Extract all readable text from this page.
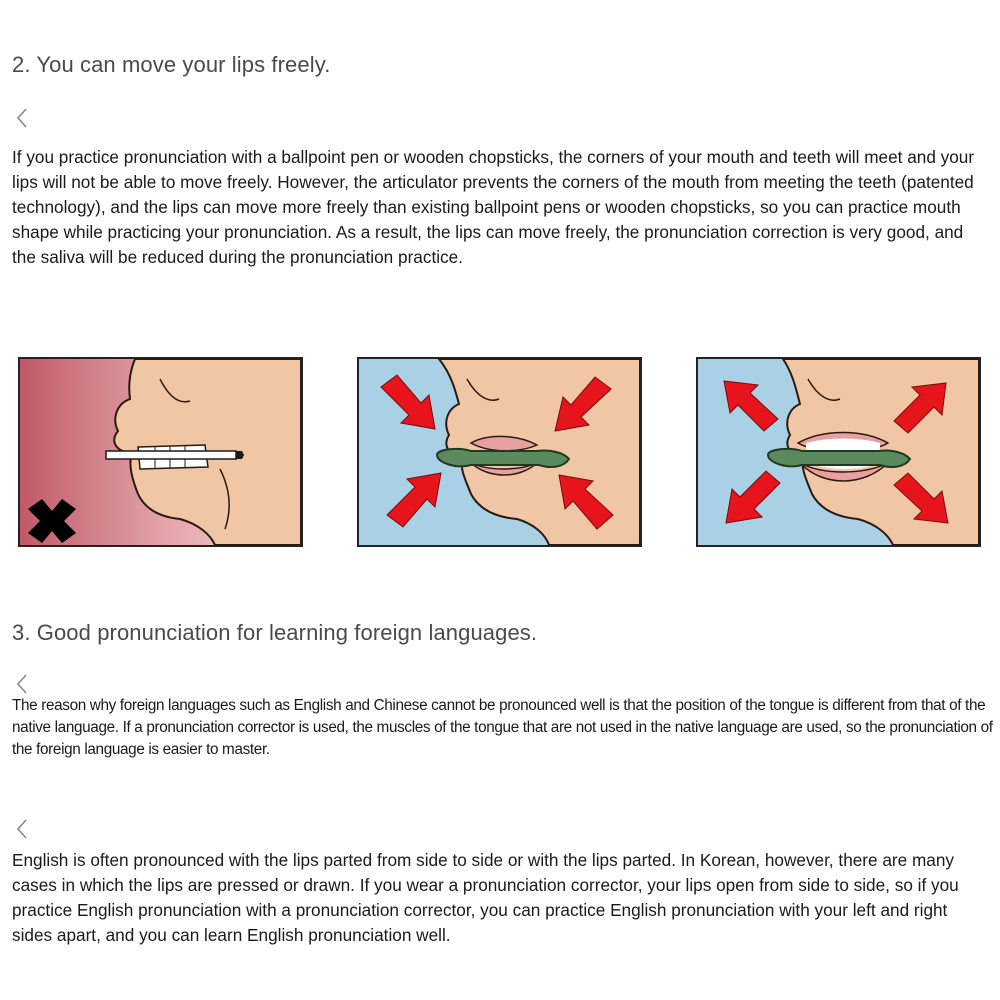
2. You can move your lips freely.

If you practice pronunciation with a ballpoint pen or wooden chopsticks, the corners of your mouth and teeth will meet and your lips will not be able to move freely. However, the articulator prevents the corners of the mouth from meeting the teeth (patented technology), and the lips can move more freely than existing ballpoint pens or wooden chopsticks, so you can practice mouth shape while practicing your pronunciation. As a result, the lips can move freely, the pronunciation correction is very good, and the saliva will be reduced during the pronunciation practice.

3. Good pronunciation for learning foreign languages.

The reason why foreign languages such as English and Chinese cannot be pronounced well is that the position of the tongue is different from that of the native language. If a pronunciation corrector is used, the muscles of the tongue that are not used in the native language are used, so the pronunciation of the foreign language is easier to master.

English is often pronounced with the lips parted from side to side or with the lips parted. In Korean, however, there are many cases in which the lips are pressed or drawn. If you wear a pronunciation corrector, your lips open from side to side, so if you practice English pronunciation with a pronunciation corrector, you can practice English pronunciation with your left and right sides apart, and you can learn English pronunciation well.
